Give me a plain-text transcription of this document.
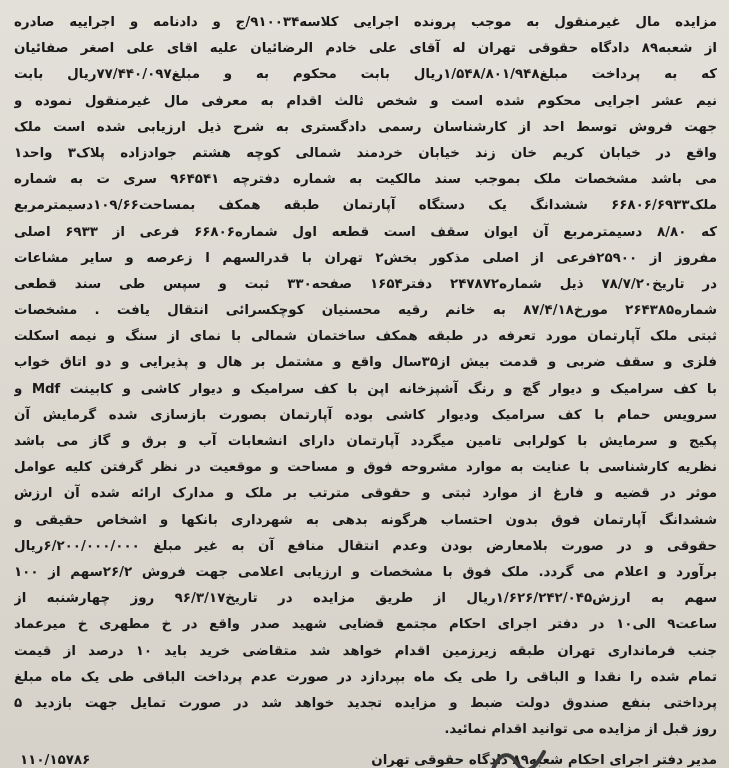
مزایده مال غیرمنقول به موجب پرونده اجرایی کلاسه۹۱۰۰۳۴/ج و دادنامه و اجراییه صادره
از شعبه۸۹ دادگاه حقوقی تهران له آقای علی خادم الرضائیان علیه اقای علی اصغر صفائیان
که به پرداخت مبلغ۱/۵۴۸/۸۰۱/۹۴۸ریال بابت محکوم به و مبلغ۷۷/۴۴۰/۰۹۷ریال بابت
نیم عشر اجرایی محکوم شده است و شخص ثالث اقدام به معرفی مال غیرمنقول نموده و
جهت فروش توسط احد از کارشناسان رسمی دادگستری به شرح ذیل ارزیابی شده است ملک
واقع در خیابان کریم خان زند خیابان خردمند شمالی کوچه هشتم جوادزاده پلاک۳ واحد۱
می باشد مشخصات ملک بموجب سند مالکیت به شماره دفترچه ۹۶۴۵۴۱ سری ت به شماره
ملک۶۶۸۰۶/۶۹۳۳ ششدانگ یک دستگاه آپارتمان طبقه همکف بمساحت۱۰۹/۶۶دسیمترمربع
که ۸/۸۰ دسیمترمربع آن ایوان سقف است قطعه اول شماره۶۶۸۰۶ فرعی از ۶۹۳۳ اصلی
مفروز از ۲۵۹۰۰فرعی از اصلی مذکور بخش۲ تهران با قدرالسهم ا زعرصه و سایر مشاعات
در تاریخ۷۸/۷/۲۰ ذیل شماره۲۴۷۸۷۲ دفتر۱۶۵۴ صفحه۳۳۰ ثبت و سپس طی سند قطعی
شماره۲۶۴۳۸۵ مورخ۸۷/۴/۱۸ به خانم رقیه محسنیان کوچکسرائی انتقال یافت . مشخصات
ثبتی ملک آپارتمان مورد تعرفه در طبقه همکف ساختمان شمالی با نمای از سنگ و نیمه اسکلت
فلزی و سقف ضربی و قدمت بیش از۳۵سال واقع و مشتمل بر هال و پذیرایی و دو اتاق خواب
با کف سرامیک و دیوار گچ و رنگ آشپزخانه اپن با کف سرامیک و دیوار کاشی و کابینت Mdf و
سرویس حمام با کف سرامیک ودیوار کاشی بوده آپارتمان بصورت بازسازی شده گرمایش آن
پکیج و سرمایش با کولرابی تامین میگردد آپارتمان دارای انشعابات آب و برق و گاز می باشد
نظریه کارشناسی با عنایت به موارد مشروحه فوق و مساحت و موقعیت در نظر گرفتن کلیه عوامل
موثر در قضیه و فارغ از موارد ثبتی و حقوقی مترتب بر ملک و مدارک ارائه شده آن ارزش
ششدانگ آپارتمان فوق بدون احتساب هرگونه بدهی به شهرداری بانکها و اشخاص حقیقی و
حقوقی و در صورت بلامعارض بودن وعدم انتقال منافع آن به غیر مبلغ ۶/۲۰۰/۰۰۰/۰۰۰ریال
برآورد و اعلام می گردد. ملک فوق با مشخصات و ارزیابی اعلامی جهت فروش ۲۶/۲سهم از ۱۰۰
سهم به ارزش۱/۶۲۶/۲۴۲/۰۴۵ریال از طریق مزایده در تاریخ۹۶/۳/۱۷ روز چهارشنبه از
ساعت۹ الی۱۰ در دفتر اجرای احکام مجتمع قضایی شهید صدر واقع در خ مطهری خ میرعماد
جنب فرمانداری تهران طبقه زیرزمین اقدام خواهد شد متقاضی خرید باید ۱۰ درصد از قیمت
تمام شده را نقدا و الباقی را طی یک ماه بپردازد در صورت عدم پرداخت الباقی طی یک ماه مبلغ
پرداختی بنفع صندوق دولت ضبط و مزایده تجدید خواهد شد در صورت تمایل جهت بازدید ۵
روز قبل از مزایده می توانید اقدام نمائید.
مدیر دفتر اجرای احکام شعبه۸۹ دادگاه حقوقی تهران
۱۱۰/۱۵۷۸۶
